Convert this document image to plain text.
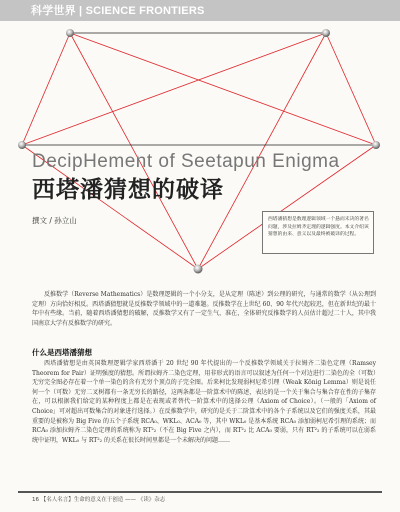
科学世界 | SCIENCE FRONTIERS
DecipHement of Seetapun Enigma
西塔潘猜想的破译
撰文 / 孙立山	西塔潘猜想是数理逻辑领域一个悬而未决的著名问题，涉及拉姆齐定理的逻辑强度。本文介绍该猜想的由来、意义以及最终被破译的过程。

反推数学（Reverse Mathematics）是数理逻辑的一个小分支，是从定理（陈述）到公理的研究，与通常的数学（从公理到定理）方向恰好相反。西塔潘猜想就是反推数学领域中的一道难题。反推数学在上世纪 60、90 年代兴起较迟，但在新世纪的最十年中有些缘。当前，随着西塔潘猜想的破解，反推数学又有了一定生气，准在，全体研究反推数学的人员估计超过二十人，其中我国南京大学有反推数学的研究。

什么是西塔潘猜想

西塔潘猜想是由英国数理逻辑学家西塔潘于 20 世纪 90 年代提出的一个反推数学领域关于拉姆齐二染色定理（Ramsey Theorem for Pair）证明强度的猜想。所谓拉姆齐二染色定理，用非形式的语言可以叙述为任何一个对边进行二染色的全（可数）无穷完全图必存在着一个单一染色的含有无穷个顶点的子完全图。后来柯比发现弱柯尼希引理（Weak König Lemma）则是说任何一个（可数）无穷二叉树都有一条无穷长的路径，这两条都是一阶算术中的陈述，表达的是一个关于集合与集合存在性的子集存在，可以根据我们给定的某种程度上都是在表现或者替代一阶算术中的选择公理（Axiom of Choice）。（一般的「Axiom of Choice」可对超出可数集合的对象进行选择。）在反推数学中，研究的是关于二阶算术中的各个子系统以及它们的强度关系，其最重要的是被称为 Big Five 的五个子系统 RCA₀、WKL₀、ACA₀ 等，其中 WKL₀ 是基本系统 RCA₀ 添加弱柯尼希引理的系统；而 RCA₀ 添加拉姆齐二染色定理的系统称为 RT²₂（不在 Big Five 之内），而 RT²₂ 比 ACA₀ 要弱，只有 RT²₂ 的子系统可以在弱系统中证明，WKL₀ 与 RT²₂ 的关系在很长时间里都是一个未解决的问题……

16 【名人名言】生命的意义在于创造 —— 《读》杂志
